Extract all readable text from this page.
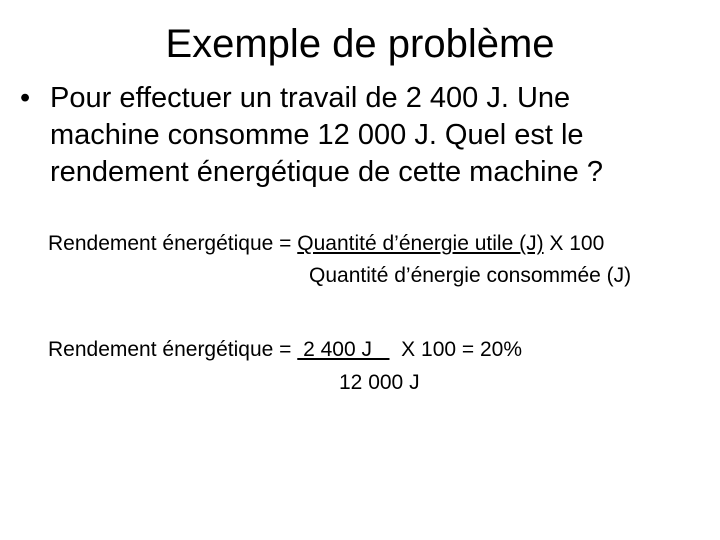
Exemple de problème
• Pour effectuer un travail de 2 400 J. Une
machine consomme 12 000 J. Quel est le
rendement énergétique de cette machine ?
Rendement énergétique = Quantité d’énergie utile (J) X 100
Quantité d’énergie consommée (J)
Rendement énergétique =  2 400 J     X 100 = 20%
12 000 J
